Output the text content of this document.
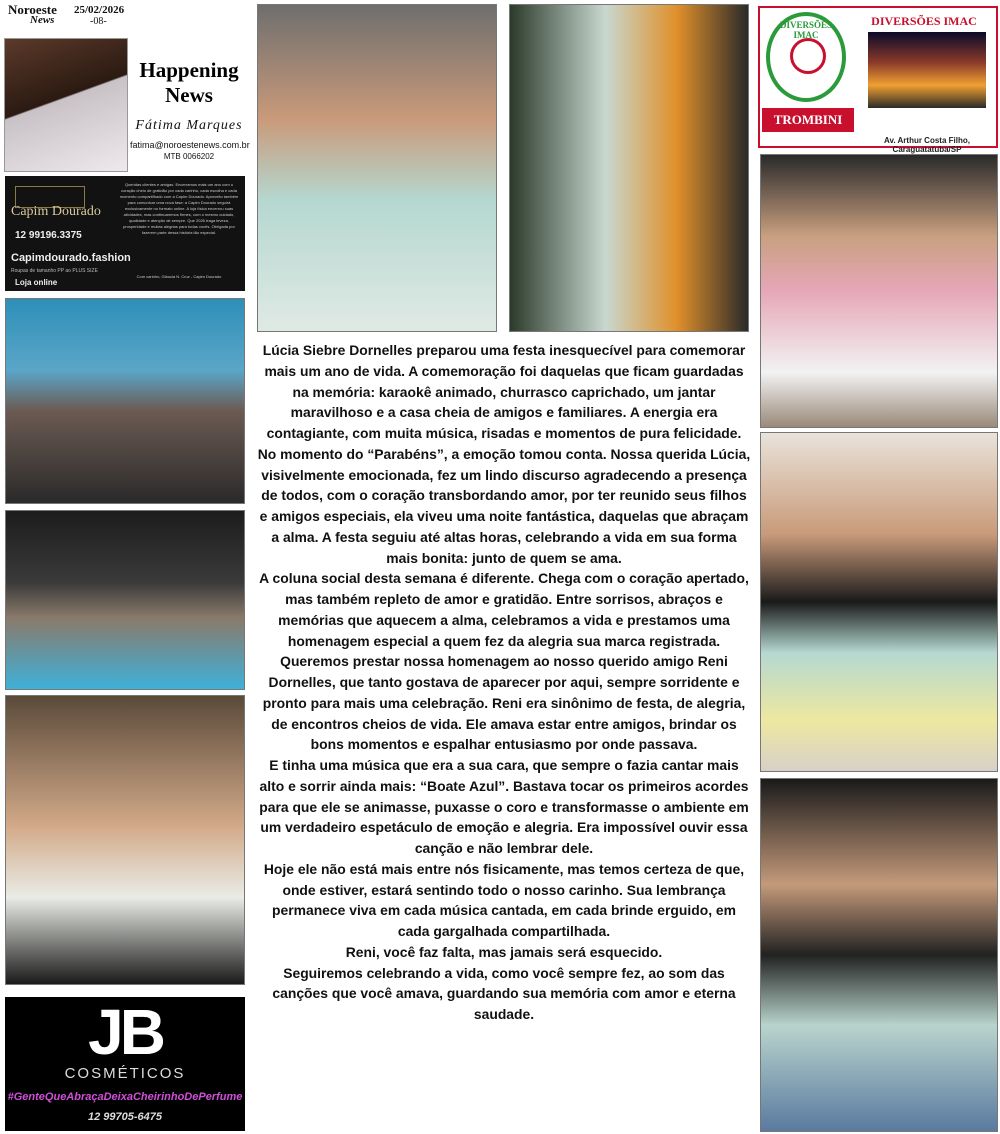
Noroeste
News
25/02/2026
-08-
Happening
News
Fátima Marques
fatima@noroestenews.com.br
MTB 0066202
Capim Dourado
12 99196.3375
Capimdourado.fashion
Roupas de tamanho PP ao PLUS SIZE
Loja online
Queridas clientes e amigas. Encerramos mais um ano com o coração cheio de gratidão por cada carinho, cada escolha e cada momento compartilhado com a Capim Dourado. Aproveito também para comunicar uma nova fase: a Capim Dourado seguirá exclusivamente no formato online. A loja física encerrou suas atividades, mas continuaremos firmes, com o mesmo cuidado, qualidade e atenção de sempre. Que 2026 traga leveza, prosperidade e muitas alegrias para todas vocês. Obrigada por fazerem parte dessa história tão especial.
Com carinho, Gláucia N. Cruz - Capim Dourado
JB
COSMÉTICOS
#GenteQueAbraçaDeixaCheirinhoDePerfume
12 99705-6475
DIVERSÕES IMAC
TROMBINI
DIVERSÕES IMAC
Av. Arthur Costa Filho, Caraguatatuba/SP

Lúcia Siebre Dornelles preparou uma festa inesquecível para comemorar mais um ano de vida. A comemoração foi daquelas que ficam guardadas na memória: karaokê animado, churrasco caprichado, um jantar maravilhoso e a casa cheia de amigos e familiares. A energia era contagiante, com muita música, risadas e momentos de pura felicidade.

No momento do “Parabéns”, a emoção tomou conta. Nossa querida Lúcia, visivelmente emocionada, fez um lindo discurso agradecendo a presença de todos, com o coração transbordando amor, por ter reunido seus filhos e amigos especiais, ela viveu uma noite fantástica, daquelas que abraçam a alma. A festa seguiu até altas horas, celebrando a vida em sua forma mais bonita: junto de quem se ama.

A coluna social desta semana é diferente. Chega com o coração apertado, mas também repleto de amor e gratidão. Entre sorrisos, abraços e memórias que aquecem a alma, celebramos a vida e prestamos uma homenagem especial a quem fez da alegria sua marca registrada.

Queremos prestar nossa homenagem ao nosso querido amigo Reni Dornelles, que tanto gostava de aparecer por aqui, sempre sorridente e pronto para mais uma celebração. Reni era sinônimo de festa, de alegria, de encontros cheios de vida. Ele amava estar entre amigos, brindar os bons momentos e espalhar entusiasmo por onde passava.

E tinha uma música que era a sua cara, que sempre o fazia cantar mais alto e sorrir ainda mais: “Boate Azul”. Bastava tocar os primeiros acordes para que ele se animasse, puxasse o coro e transformasse o ambiente em um verdadeiro espetáculo de emoção e alegria. Era impossível ouvir essa canção e não lembrar dele.

Hoje ele não está mais entre nós fisicamente, mas temos certeza de que, onde estiver, estará sentindo todo o nosso carinho. Sua lembrança permanece viva em cada música cantada, em cada brinde erguido, em cada gargalhada compartilhada.

Reni, você faz falta, mas jamais será esquecido.

Seguiremos celebrando a vida, como você sempre fez, ao som das canções que você amava, guardando sua memória com amor e eterna saudade.
